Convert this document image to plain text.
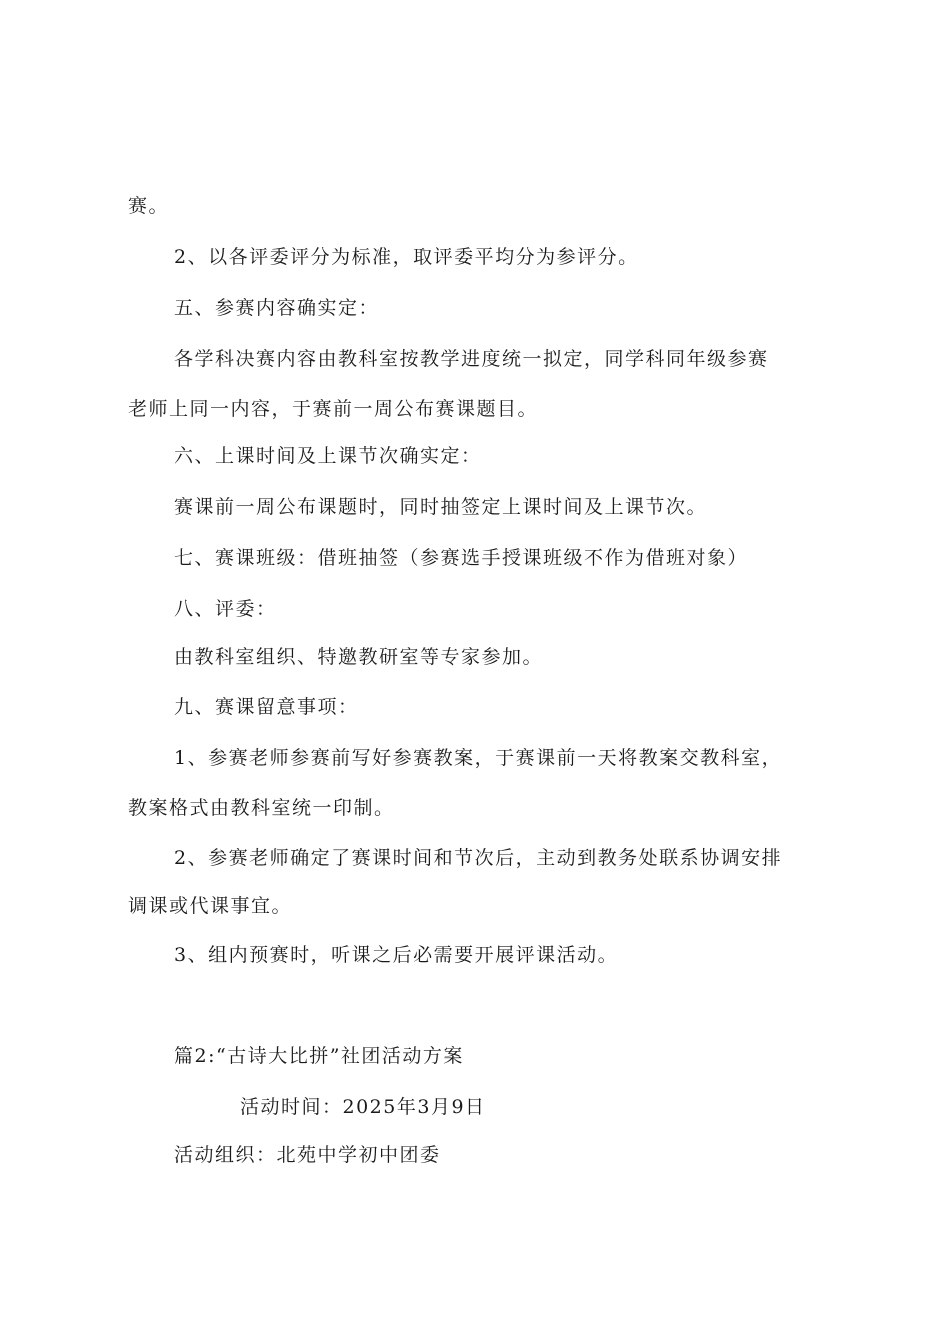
赛。
2、以各评委评分为标准，取评委平均分为参评分。
五、参赛内容确实定：
各学科决赛内容由教科室按教学进度统一拟定，同学科同年级参赛
老师上同一内容，于赛前一周公布赛课题目。
六、上课时间及上课节次确实定：
赛课前一周公布课题时，同时抽签定上课时间及上课节次。
七、赛课班级：借班抽签（参赛选手授课班级不作为借班对象）
八、评委：
由教科室组织、特邀教研室等专家参加。
九、赛课留意事项：
1、参赛老师参赛前写好参赛教案，于赛课前一天将教案交教科室，
教案格式由教科室统一印制。
2、参赛老师确定了赛课时间和节次后，主动到教务处联系协调安排
调课或代课事宜。
3、组内预赛时，听课之后必需要开展评课活动。
篇2:“古诗大比拼”社团活动方案
活动时间：2025年3月9日
活动组织：北苑中学初中团委
